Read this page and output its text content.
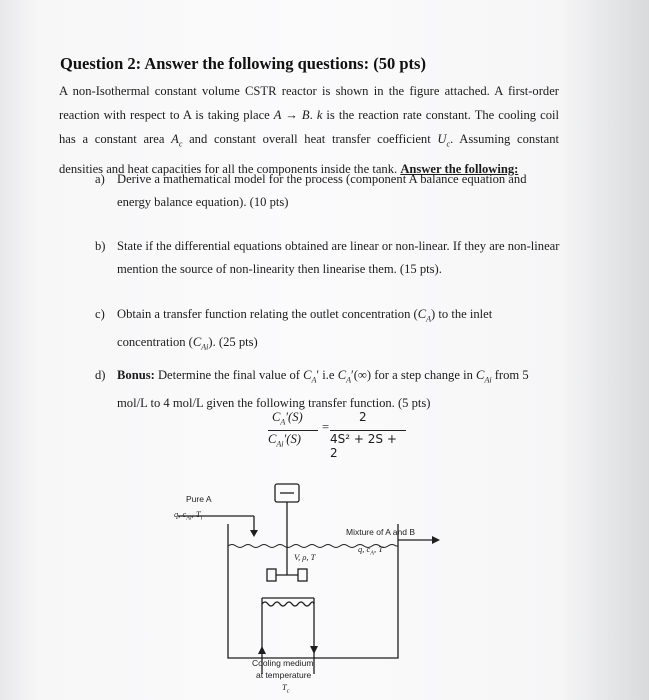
Question 2: Answer the following questions: (50 pts)
A non-Isothermal constant volume CSTR reactor is shown in the figure attached. A first-order reaction with respect to A is taking place A → B. k is the reaction rate constant. The cooling coil has a constant area $A_c$ and constant overall heat transfer coefficient $U_c$. Assuming constant densities and heat capacities for all the components inside the tank. Answer the following:
a) Derive a mathematical model for the process (component A balance equation and energy balance equation). (10 pts)
b) State if the differential equations obtained are linear or non-linear. If they are non-linear mention the source of non-linearity then linearise them. (15 pts).
c) Obtain a transfer function relating the outlet concentration $(C_A)$ to the inlet concentration $(C_{Ai})$. (25 pts)
d) Bonus: Determine the final value of $C_A'$ i.e $C_A'(\infty)$ for a step change in $C_{Ai}$ from 5 mol/L to 4 mol/L given the following transfer function. (5 pts)
$C_A'(S)$
$C_{Ai}'(S)$
=
2
4S² + 2S + 2
Pure A
q, $c_{Ai}$, $T_i$
V, ρ, T
Mixture of A and B
q, $c_A$, T
Cooling medium
at temperature
$T_c$
